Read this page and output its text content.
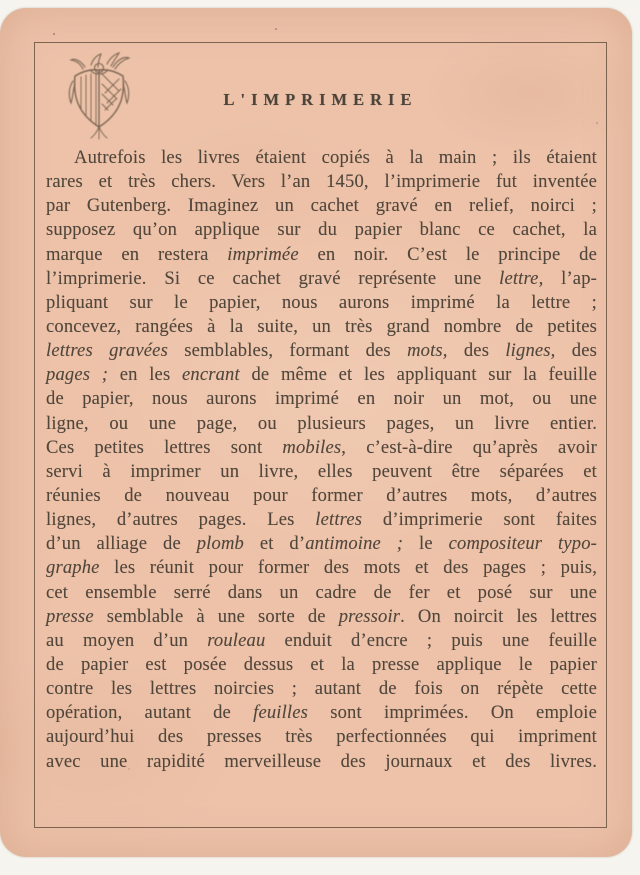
L'IMPRIMERIE
Autrefois les livres étaient copiés à la main ; ils étaient
rares et très chers. Vers l’an 1450, l’imprimerie fut inventée
par Gutenberg. Imaginez un cachet gravé en relief, noirci ;
supposez qu’on applique sur du papier blanc ce cachet, la
marque en restera imprimée en noir. C’est le principe de
l’imprimerie. Si ce cachet gravé représente une lettre, l’ap-
pliquant sur le papier, nous aurons imprimé la lettre ;
concevez, rangées à la suite, un très grand nombre de petites
lettres gravées semblables, formant des mots, des lignes, des
pages ; en les encrant de même et les appliquant sur la feuille
de papier, nous aurons imprimé en noir un mot, ou une
ligne, ou une page, ou plusieurs pages, un livre entier.
Ces petites lettres sont mobiles, c’est-à-dire qu’après avoir
servi à imprimer un livre, elles peuvent être séparées et
réunies de nouveau pour former d’autres mots, d’autres
lignes, d’autres pages. Les lettres d’imprimerie sont faites
d’un alliage de plomb et d’antimoine ; le compositeur typo-
graphe les réunit pour former des mots et des pages ; puis,
cet ensemble serré dans un cadre de fer et posé sur une
presse semblable à une sorte de pressoir. On noircit les lettres
au moyen d’un rouleau enduit d’encre ; puis une feuille
de papier est posée dessus et la presse applique le papier
contre les lettres noircies ; autant de fois on répète cette
opération, autant de feuilles sont imprimées. On emploie
aujourd’hui des presses très perfectionnées qui impriment
avec une rapidité merveilleuse des journaux et des livres.
